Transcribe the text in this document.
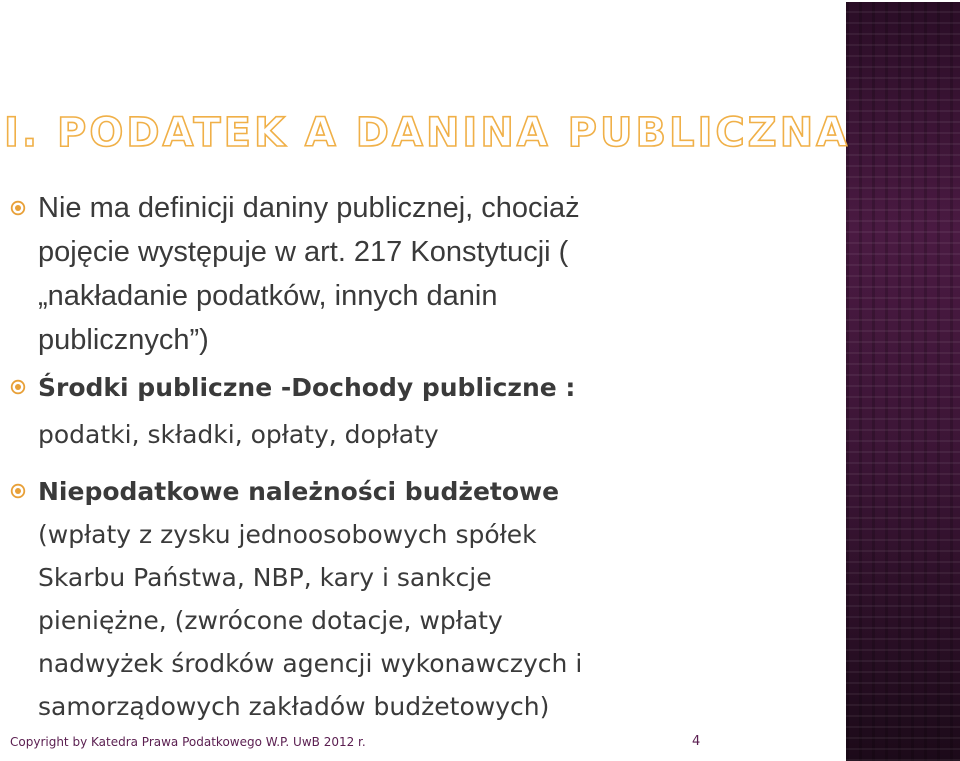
I. PODATEK A DANINA PUBLICZNA
Nie ma definicji daniny publicznej, chociaż
pojęcie występuje w art. 217 Konstytucji (
„nakładanie podatków, innych danin
publicznych”)
Środki publiczne -Dochody publiczne :
podatki, składki, opłaty, dopłaty
Niepodatkowe należności budżetowe
(wpłaty z zysku jednoosobowych spółek
Skarbu Państwa, NBP, kary i sankcje
pieniężne, (zwrócone dotacje, wpłaty
nadwyżek środków agencji wykonawczych i
samorządowych zakładów budżetowych)
Copyright by Katedra Prawa Podatkowego W.P. UwB 2012 r.	4
